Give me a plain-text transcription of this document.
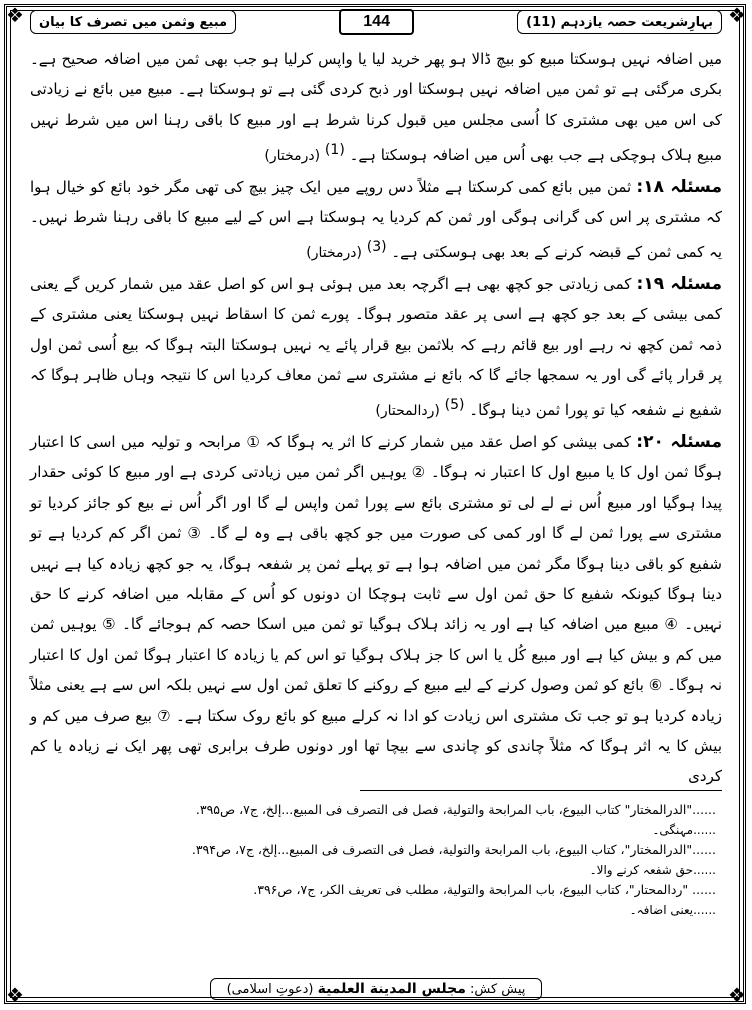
❖	❖
❖	❖
مبیع وثمن میں تصرف کا بیان	144	بہارِشریعت حصہ یازدہم (11)

میں اضافہ نہیں ہوسکتا مبیع کو بیچ ڈالا ہو پھر خرید لیا یا واپس کرلیا ہو جب بھی ثمن میں اضافہ صحیح ہے۔ بکری مرگئی ہے تو ثمن میں اضافہ نہیں ہوسکتا اور ذبح کردی گئی ہے تو ہوسکتا ہے۔ مبیع میں بائع نے زیادتی کی اس میں بھی مشتری کا اُسی مجلس میں قبول کرنا شرط ہے اور مبیع کا باقی رہنا اس میں شرط نہیں مبیع ہلاک ہوچکی ہے جب بھی اُس میں اضافہ ہوسکتا ہے۔ $^{(1)}$ (درمختار)

مسئلہ ۱۸: ثمن میں بائع کمی کرسکتا ہے مثلاً دس روپے میں ایک چیز بیچ کی تھی مگر خود بائع کو خیال ہوا کہ مشتری پر اس کی گرانی ہوگی اور ثمن کم کردیا یہ ہوسکتا ہے اس کے لیے مبیع کا باقی رہنا شرط نہیں۔ یہ کمی ثمن کے قبضہ کرنے کے بعد بھی ہوسکتی ہے۔ $^{(3)}$ (درمختار)

مسئلہ ۱۹: کمی زیادتی جو کچھ بھی ہے اگرچہ بعد میں ہوئی ہو اس کو اصل عقد میں شمار کریں گے یعنی کمی بیشی کے بعد جو کچھ ہے اسی پر عقد متصور ہوگا۔ پورے ثمن کا اسقاط نہیں ہوسکتا یعنی مشتری کے ذمہ ثمن کچھ نہ رہے اور بیع قائم رہے کہ بلاثمن بیع قرار پائے یہ نہیں ہوسکتا البتہ ہوگا کہ بیع اُسی ثمن اول پر قرار پائے گی اور یہ سمجھا جائے گا کہ بائع نے مشتری سے ثمن معاف کردیا اس کا نتیجہ وہاں ظاہر ہوگا کہ شفیع نے شفعہ کیا تو پورا ثمن دینا ہوگا۔ $^{(5)}$ (ردالمحتار)

مسئلہ ۲۰: کمی بیشی کو اصل عقد میں شمار کرنے کا اثر یہ ہوگا کہ ① مرابحہ و تولیہ میں اسی کا اعتبار ہوگا ثمن اول کا یا مبیع اول کا اعتبار نہ ہوگا۔ ② یوہیں اگر ثمن میں زیادتی کردی ہے اور مبیع کا کوئی حقدار پیدا ہوگیا اور مبیع اُس نے لے لی تو مشتری بائع سے پورا ثمن واپس لے گا اور اگر اُس نے بیع کو جائز کردیا تو مشتری سے پورا ثمن لے گا اور کمی کی صورت میں جو کچھ باقی ہے وہ لے گا۔ ③ ثمن اگر کم کردیا ہے تو شفیع کو باقی دینا ہوگا مگر ثمن میں اضافہ ہوا ہے تو پہلے ثمن پر شفعہ ہوگا، یہ جو کچھ زیادہ کیا ہے نہیں دینا ہوگا کیونکہ شفیع کا حق ثمن اول سے ثابت ہوچکا ان دونوں کو اُس کے مقابلہ میں اضافہ کرنے کا حق نہیں۔ ④ مبیع میں اضافہ کیا ہے اور یہ زائد ہلاک ہوگیا تو ثمن میں اسکا حصہ کم ہوجائے گا۔ ⑤ یوہیں ثمن میں کم و بیش کیا ہے اور مبیع کُل یا اس کا جز ہلاک ہوگیا تو اس کم یا زیادہ کا اعتبار ہوگا ثمن اول کا اعتبار نہ ہوگا۔ ⑥ بائع کو ثمن وصول کرنے کے لیے مبیع کے روکنے کا تعلق ثمن اول سے نہیں بلکہ اس سے ہے یعنی مثلاً زیادہ کردیا ہو تو جب تک مشتری اس زیادت کو ادا نہ کرلے مبیع کو بائع روک سکتا ہے۔ ⑦ بیع صرف میں کم و بیش کا یہ اثر ہوگا کہ مثلاً چاندی کو چاندی سے بیچا تھا اور دونوں طرف برابری تھی پھر ایک نے زیادہ یا کم کردی

......"الدرالمختار" کتاب البیوع، باب المرابحة والتولیة، فصل فی التصرف فی المبیع...إلخ، ج۷، ص۳۹۵.

......مہنگی۔

......"الدرالمختار"، کتاب البیوع، باب المرابحة والتولیة، فصل فی التصرف فی المبیع...إلخ، ج۷، ص۳۹۴.

......حق شفعہ کرنے والا۔

...... "ردالمحتار"، کتاب البیوع، باب المرابحة والتولیة، مطلب فی تعریف الکر، ج۷، ص۳۹۶.

......یعنی اضافہ۔

پیش کش: مجلس المدینة العلمیة (دعوتِ اسلامی)
